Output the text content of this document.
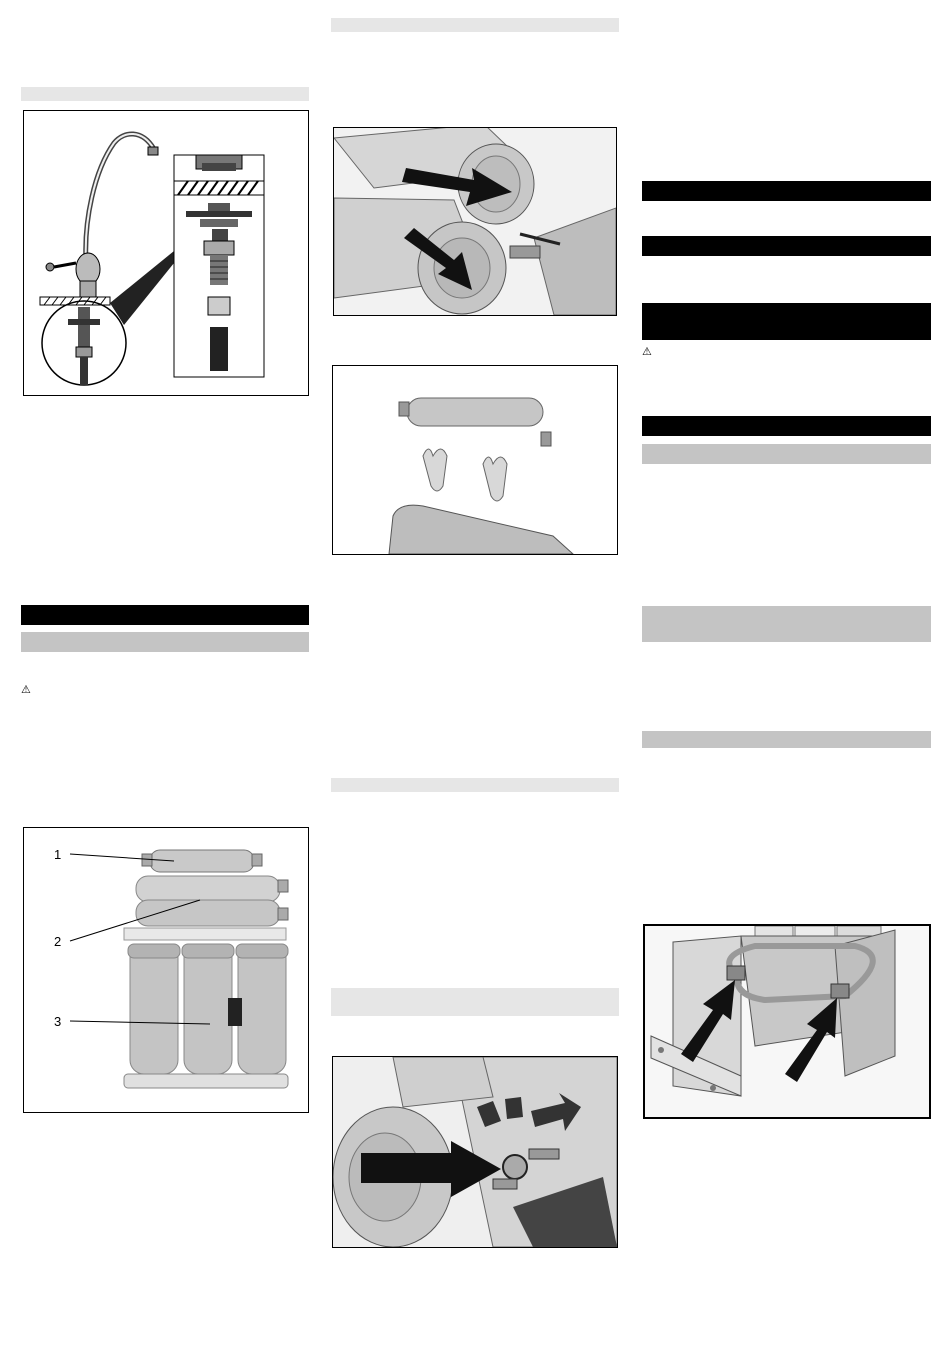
⚠
1
2
3
⚠
